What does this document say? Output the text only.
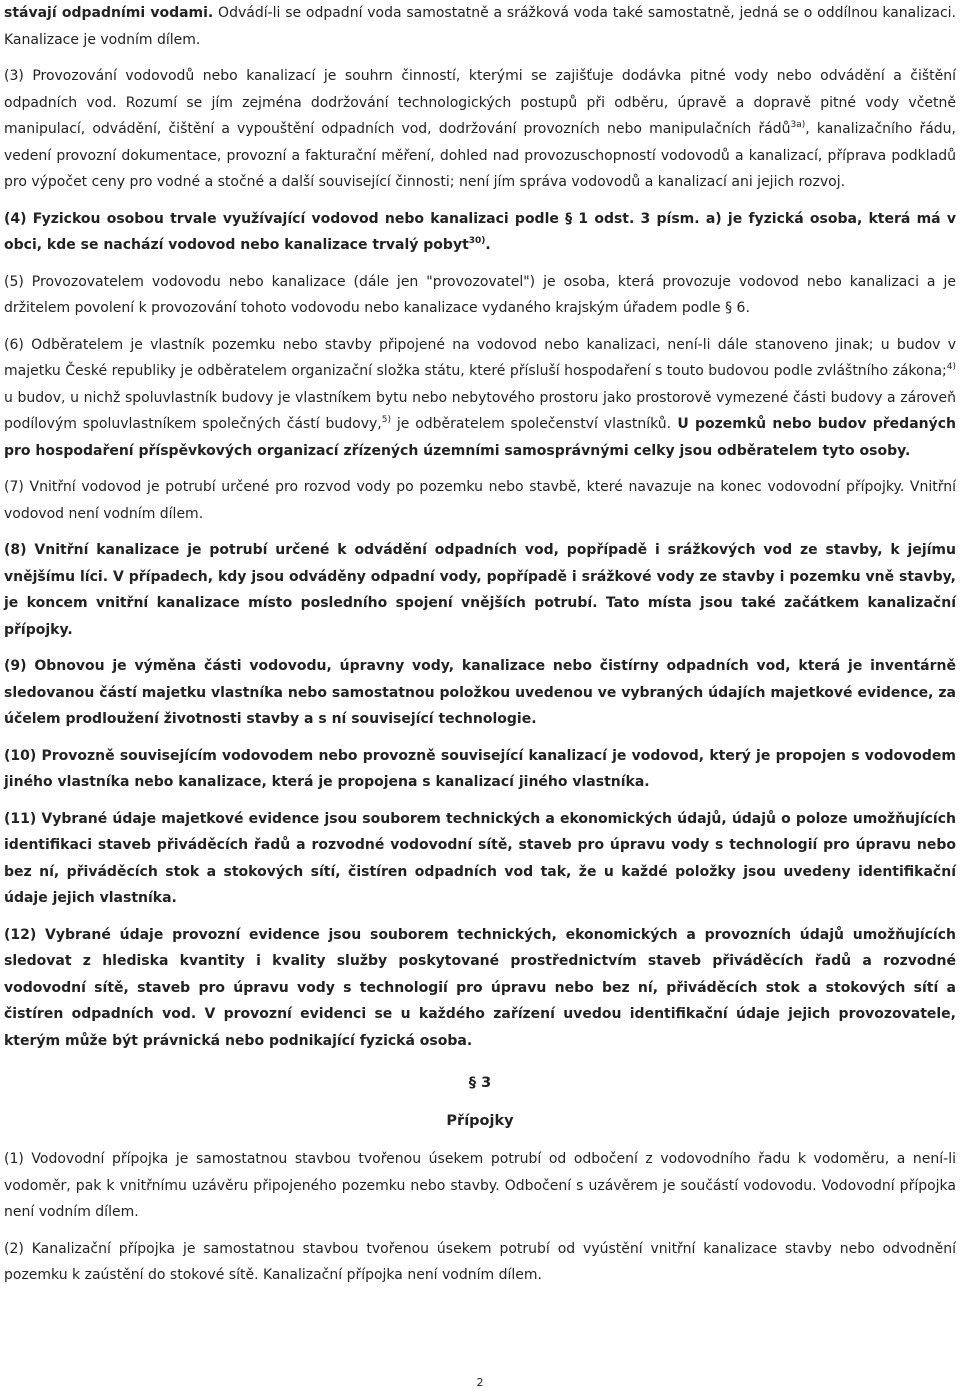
stávají odpadními vodami. Odvádí-li se odpadní voda samostatně a srážková voda také samostatně, jedná se o oddílnou kanalizaci. Kanalizace je vodním dílem.

(3) Provozování vodovodů nebo kanalizací je souhrn činností, kterými se zajišťuje dodávka pitné vody nebo odvádění a čištění odpadních vod. Rozumí se jím zejména dodržování technologických postupů při odběru, úpravě a dopravě pitné vody včetně manipulací, odvádění, čištění a vypouštění odpadních vod, dodržování provozních nebo manipulačních řádů$^{3a)}$, kanalizačního řádu, vedení provozní dokumentace, provozní a fakturační měření, dohled nad provozuschopností vodovodů a kanalizací, příprava podkladů pro výpočet ceny pro vodné a stočné a další související činnosti; není jím správa vodovodů a kanalizací ani jejich rozvoj.

(4) Fyzickou osobou trvale využívající vodovod nebo kanalizaci podle § 1 odst. 3 písm. a) je fyzická osoba, která má v obci, kde se nachází vodovod nebo kanalizace trvalý pobyt$^{30)}$.

(5) Provozovatelem vodovodu nebo kanalizace (dále jen "provozovatel") je osoba, která provozuje vodovod nebo kanalizaci a je držitelem povolení k provozování tohoto vodovodu nebo kanalizace vydaného krajským úřadem podle § 6.

(6) Odběratelem je vlastník pozemku nebo stavby připojené na vodovod nebo kanalizaci, není-li dále stanoveno jinak; u budov v majetku České republiky je odběratelem organizační složka státu, které přísluší hospodaření s touto budovou podle zvláštního zákona;$^{4)}$ u budov, u nichž spoluvlastník budovy je vlastníkem bytu nebo nebytového prostoru jako prostorově vymezené části budovy a zároveň podílovým spoluvlastníkem společných částí budovy,$^{5)}$ je odběratelem společenství vlastníků. U pozemků nebo budov předaných pro hospodaření příspěvkových organizací zřízených územními samosprávnými celky jsou odběratelem tyto osoby.

(7) Vnitřní vodovod je potrubí určené pro rozvod vody po pozemku nebo stavbě, které navazuje na konec vodovodní přípojky. Vnitřní vodovod není vodním dílem.

(8) Vnitřní kanalizace je potrubí určené k odvádění odpadních vod, popřípadě i srážkových vod ze stavby, k jejímu vnějšímu líci. V případech, kdy jsou odváděny odpadní vody, popřípadě i srážkové vody ze stavby i pozemku vně stavby, je koncem vnitřní kanalizace místo posledního spojení vnějších potrubí. Tato místa jsou také začátkem kanalizační přípojky.

(9) Obnovou je výměna části vodovodu, úpravny vody, kanalizace nebo čistírny odpadních vod, která je inventárně sledovanou částí majetku vlastníka nebo samostatnou položkou uvedenou ve vybraných údajích majetkové evidence, za účelem prodloužení životnosti stavby a s ní související technologie.

(10) Provozně souvisejícím vodovodem nebo provozně související kanalizací je vodovod, který je propojen s vodovodem jiného vlastníka nebo kanalizace, která je propojena s kanalizací jiného vlastníka.

(11) Vybrané údaje majetkové evidence jsou souborem technických a ekonomických údajů, údajů o poloze umožňujících identifikaci staveb přiváděcích řadů a rozvodné vodovodní sítě, staveb pro úpravu vody s technologií pro úpravu nebo bez ní, přiváděcích stok a stokových sítí, čistíren odpadních vod tak, že u každé položky jsou uvedeny identifikační údaje jejich vlastníka.

(12) Vybrané údaje provozní evidence jsou souborem technických, ekonomických a provozních údajů umožňujících sledovat z hlediska kvantity i kvality služby poskytované prostřednictvím staveb přiváděcích řadů a rozvodné vodovodní sítě, staveb pro úpravu vody s technologií pro úpravu nebo bez ní, přiváděcích stok a stokových sítí a čistíren odpadních vod. V provozní evidenci se u každého zařízení uvedou identifikační údaje jejich provozovatele, kterým může být právnická nebo podnikající fyzická osoba.

§ 3

Přípojky

(1) Vodovodní přípojka je samostatnou stavbou tvořenou úsekem potrubí od odbočení z vodovodního řadu k vodoměru, a není-li vodoměr, pak k vnitřnímu uzávěru připojeného pozemku nebo stavby. Odbočení s uzávěrem je součástí vodovodu. Vodovodní přípojka není vodním dílem.

(2) Kanalizační přípojka je samostatnou stavbou tvořenou úsekem potrubí od vyústění vnitřní kanalizace stavby nebo odvodnění pozemku k zaústění do stokové sítě. Kanalizační přípojka není vodním dílem.

2
